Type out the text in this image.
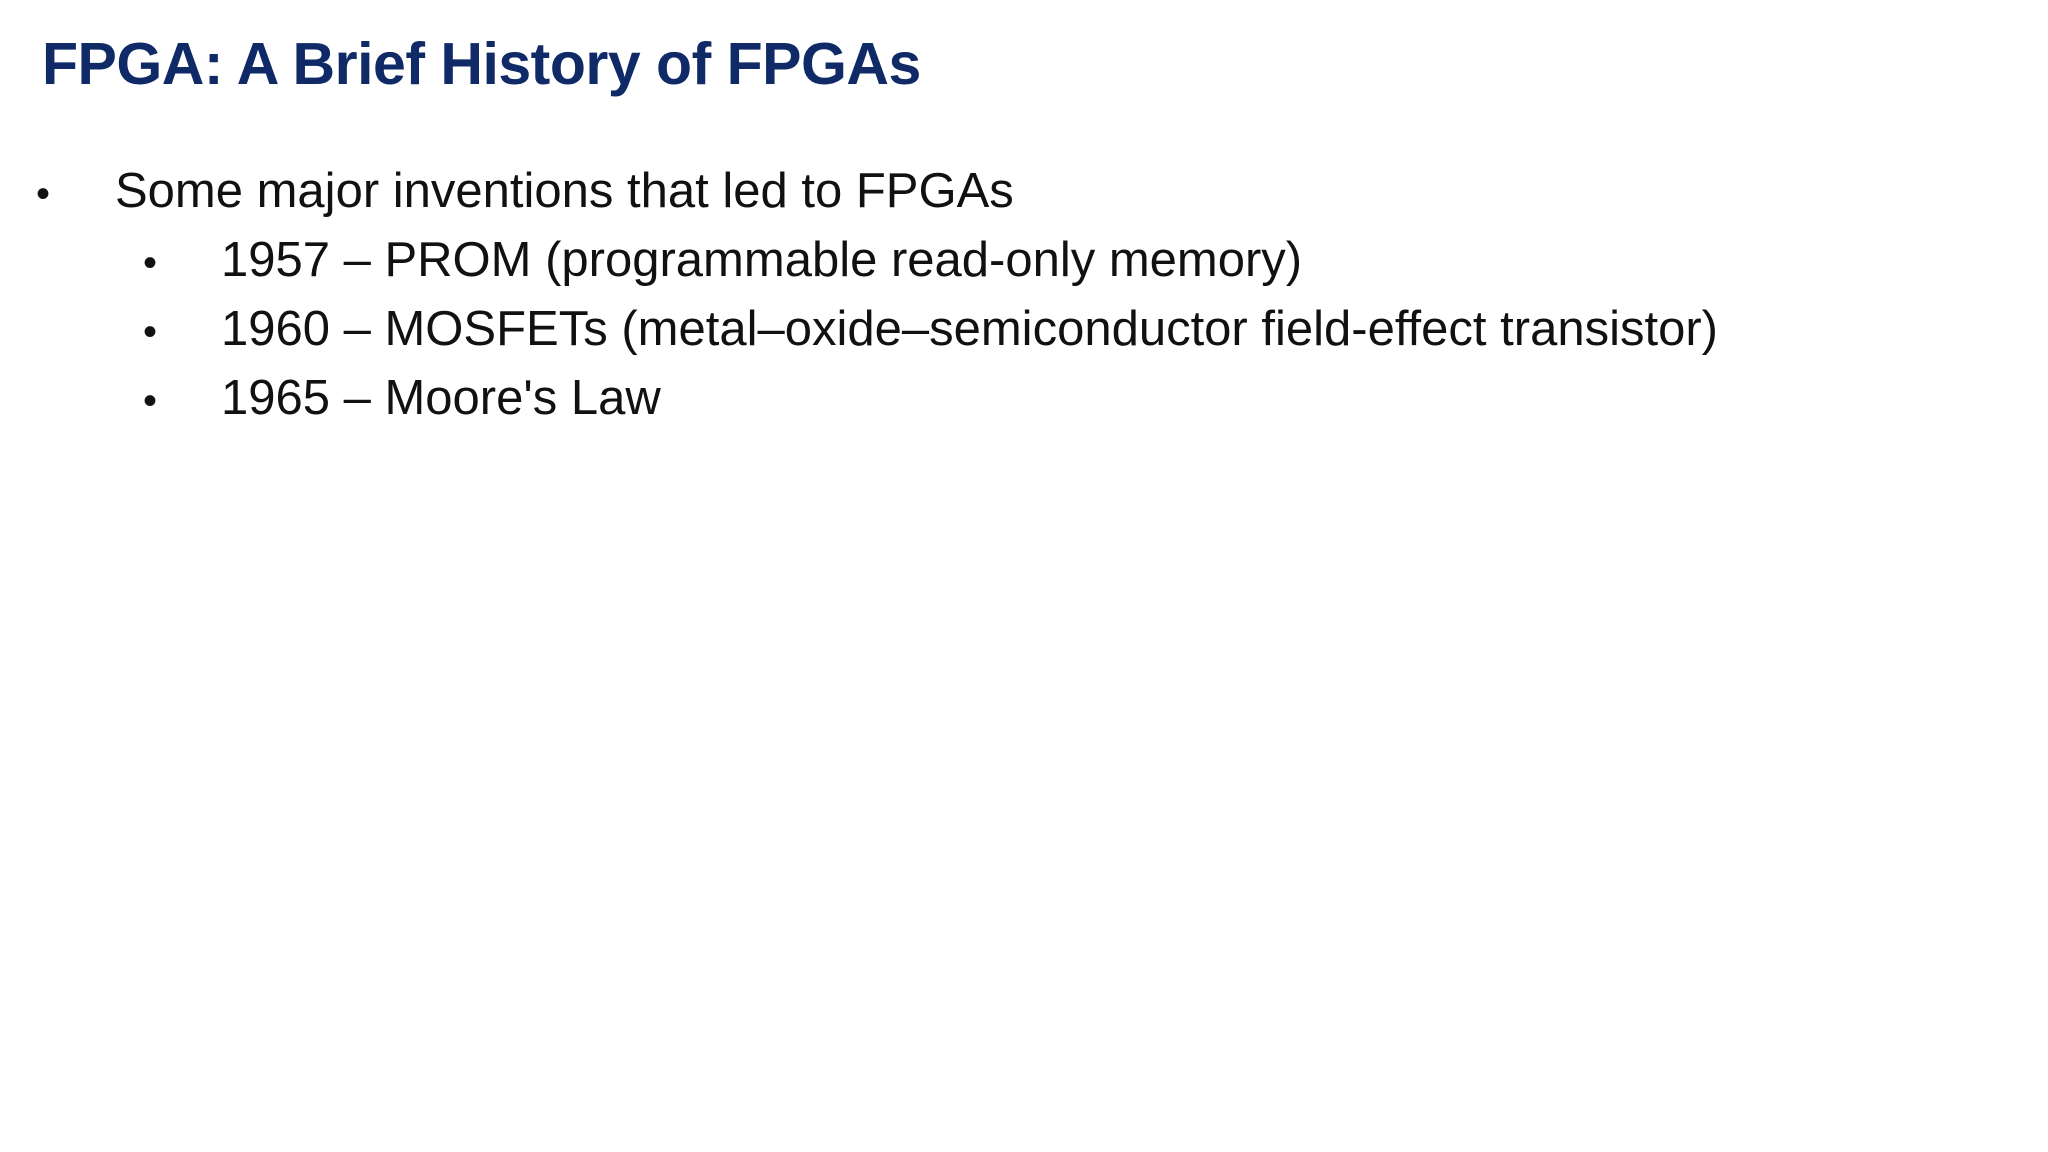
FPGA: A Brief History of FPGAs
•	Some major inventions that led to FPGAs
•	1957 – PROM (programmable read-only memory)
•	1960 – MOSFETs (metal–oxide–semiconductor field-effect transistor)
•	1965 – Moore's Law
